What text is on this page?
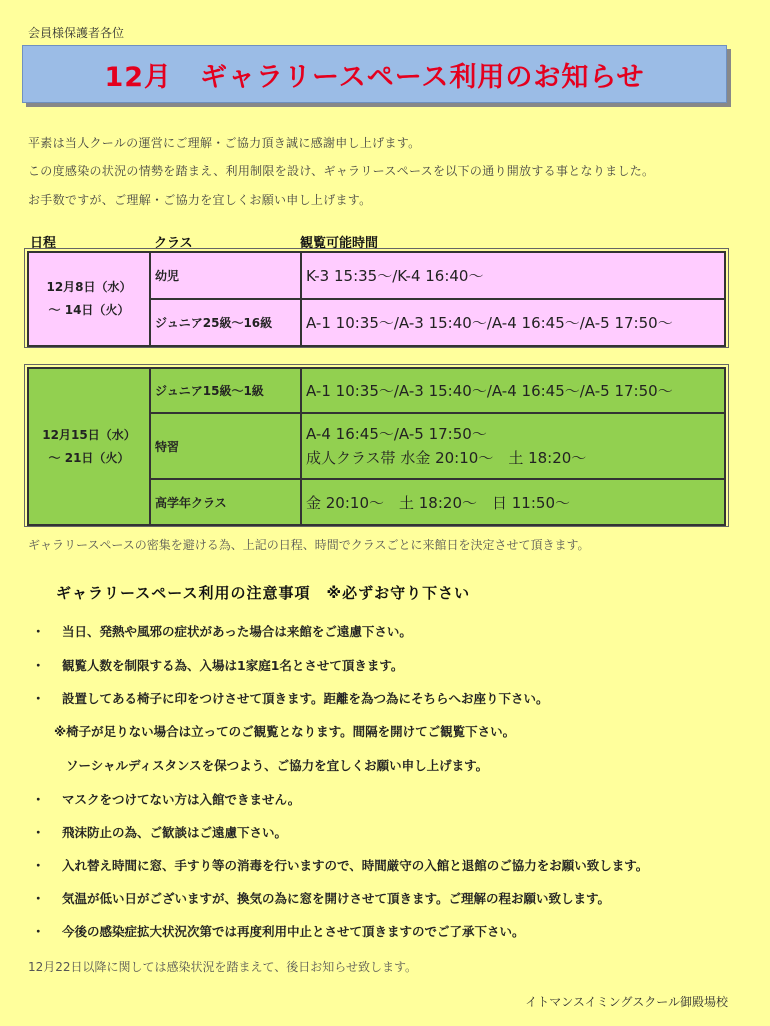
会員様保護者各位
12月　ギャラリースペース利用のお知らせ
平素は当人クールの運営にご理解・ご協力頂き誠に感謝申し上げます。
この度感染の状況の情勢を踏まえ、利用制限を設け、ギャラリースペースを以下の通り開放する事となりました。
お手数ですが、ご理解・ご協力を宜しくお願い申し上げます。
日程	クラス	観覧可能時間
12月8日（水）
～ 14日（火）	幼児	K-3 15:35～/K-4 16:40～
	ジュニア25級～16級	A-1 10:35～/A-3 15:40～/A-4 16:45～/A-5 17:50～
12月15日（水）
～ 21日（火）	ジュニア15級～1級	A-1 10:35～/A-3 15:40～/A-4 16:45～/A-5 17:50～
	特習	A-4 16:45～/A-5 17:50～
成人クラス帯 水金 20:10～　土 18:20～

	高学年クラス	金 20:10～　土 18:20～　日 11:50～
ギャラリースペースの密集を避ける為、上記の日程、時間でクラスごとに来館日を決定させて頂きます。
ギャラリースペース利用の注意事項　※必ずお守り下さい
・ 当日、発熱や風邪の症状があった場合は来館をご遠慮下さい。
・ 観覧人数を制限する為、入場は1家庭1名とさせて頂きます。
・ 設置してある椅子に印をつけさせて頂きます。距離を為つ為にそちらへお座り下さい。
※椅子が足りない場合は立ってのご観覧となります。間隔を開けてご観覧下さい。
ソーシャルディスタンスを保つよう、ご協力を宜しくお願い申し上げます。
・ マスクをつけてない方は入館できません。
・ 飛沫防止の為、ご歓談はご遠慮下さい。
・ 入れ替え時間に窓、手すり等の消毒を行いますので、時間厳守の入館と退館のご協力をお願い致します。
・ 気温が低い日がございますが、換気の為に窓を開けさせて頂きます。ご理解の程お願い致します。
・ 今後の感染症拡大状況次第では再度利用中止とさせて頂きますのでご了承下さい。
12月22日以降に関しては感染状況を踏まえて、後日お知らせ致します。
イトマンスイミングスクール御殿場校
